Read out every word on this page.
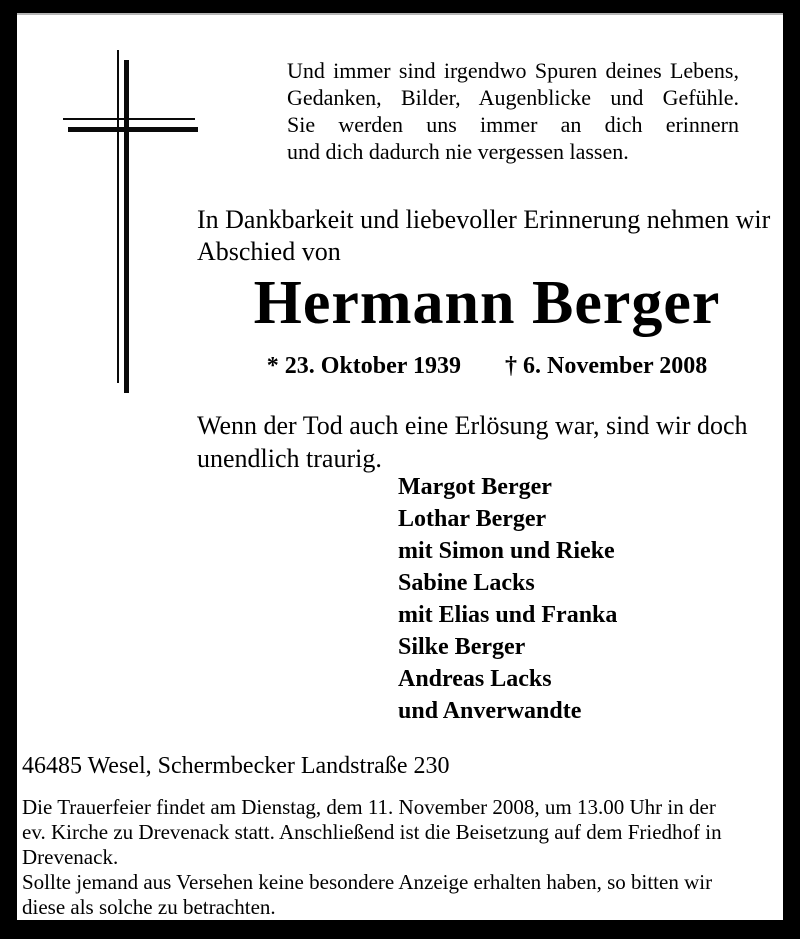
Und immer sind irgendwo Spuren deines Lebens,
Gedanken, Bilder, Augenblicke und Gefühle.
Sie werden uns immer an dich erinnern
und dich dadurch nie vergessen lassen.
In Dankbarkeit und liebevoller Erinnerung nehmen wir
Abschied von
Hermann Berger
* 23. Oktober 1939 † 6. November 2008
Wenn der Tod auch eine Erlösung war, sind wir doch
unendlich traurig.
Margot Berger
Lothar Berger
mit Simon und Rieke
Sabine Lacks
mit Elias und Franka
Silke Berger
Andreas Lacks
und Anverwandte
46485 Wesel, Schermbecker Landstraße 230
Die Trauerfeier findet am Dienstag, dem 11. November 2008, um 13.00 Uhr in der
ev. Kirche zu Drevenack statt. Anschließend ist die Beisetzung auf dem Friedhof in
Drevenack.
Sollte jemand aus Versehen keine besondere Anzeige erhalten haben, so bitten wir
diese als solche zu betrachten.
